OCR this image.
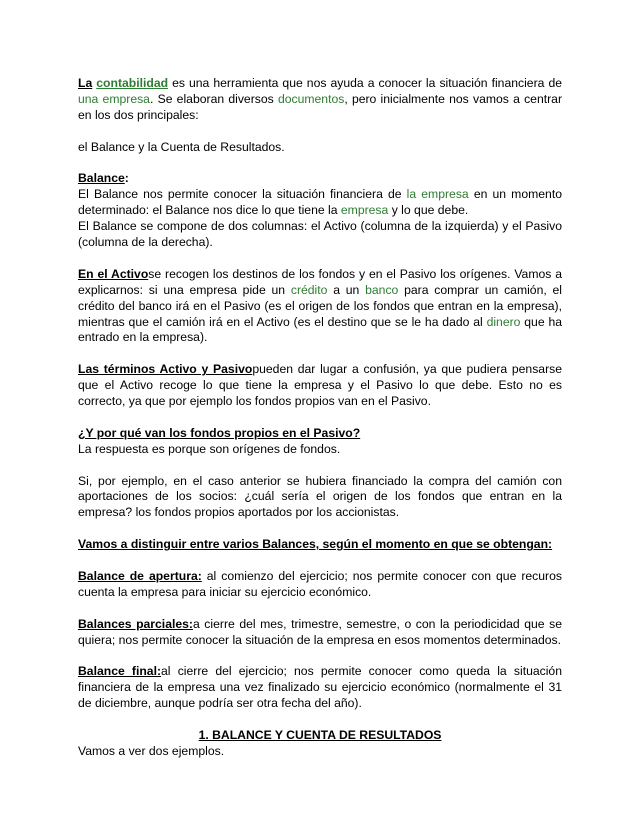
La contabilidad es una herramienta que nos ayuda a conocer la situación financiera de una empresa. Se elaboran diversos documentos, pero inicialmente nos vamos a centrar en los dos principales:

el Balance y la Cuenta de Resultados.

Balance:
El Balance nos permite conocer la situación financiera de la empresa en un momento determinado: el Balance nos dice lo que tiene la empresa y lo que debe.
El Balance se compone de dos columnas: el Activo (columna de la izquierda) y el Pasivo (columna de la derecha).

En el Activose recogen los destinos de los fondos y en el Pasivo los orígenes. Vamos a explicarnos: si una empresa pide un crédito a un banco para comprar un camión, el crédito del banco irá en el Pasivo (es el origen de los fondos que entran en la empresa), mientras que el camión irá en el Activo (es el destino que se le ha dado al dinero que ha entrado en la empresa).

Las términos Activo y Pasivopueden dar lugar a confusión, ya que pudiera pensarse que el Activo recoge lo que tiene la empresa y el Pasivo lo que debe. Esto no es correcto, ya que por ejemplo los fondos propios van en el Pasivo.

¿Y por qué van los fondos propios en el Pasivo?
La respuesta es porque son orígenes de fondos.

Si, por ejemplo, en el caso anterior se hubiera financiado la compra del camión con aportaciones de los socios: ¿cuál sería el origen de los fondos que entran en la empresa? los fondos propios aportados por los accionistas.

Vamos a distinguir entre varios Balances, según el momento en que se obtengan:

Balance de apertura: al comienzo del ejercicio; nos permite conocer con que recuros cuenta la empresa para iniciar su ejercicio económico.

Balances parciales:a cierre del mes, trimestre, semestre, o con la periodicidad que se quiera; nos permite conocer la situación de la empresa en esos momentos determinados.

Balance final:al cierre del ejercicio; nos permite conocer como queda la situación financiera de la empresa una vez finalizado su ejercicio económico (normalmente el 31 de diciembre, aunque podría ser otra fecha del año).

1. BALANCE Y CUENTA DE RESULTADOS

Vamos a ver dos ejemplos.
